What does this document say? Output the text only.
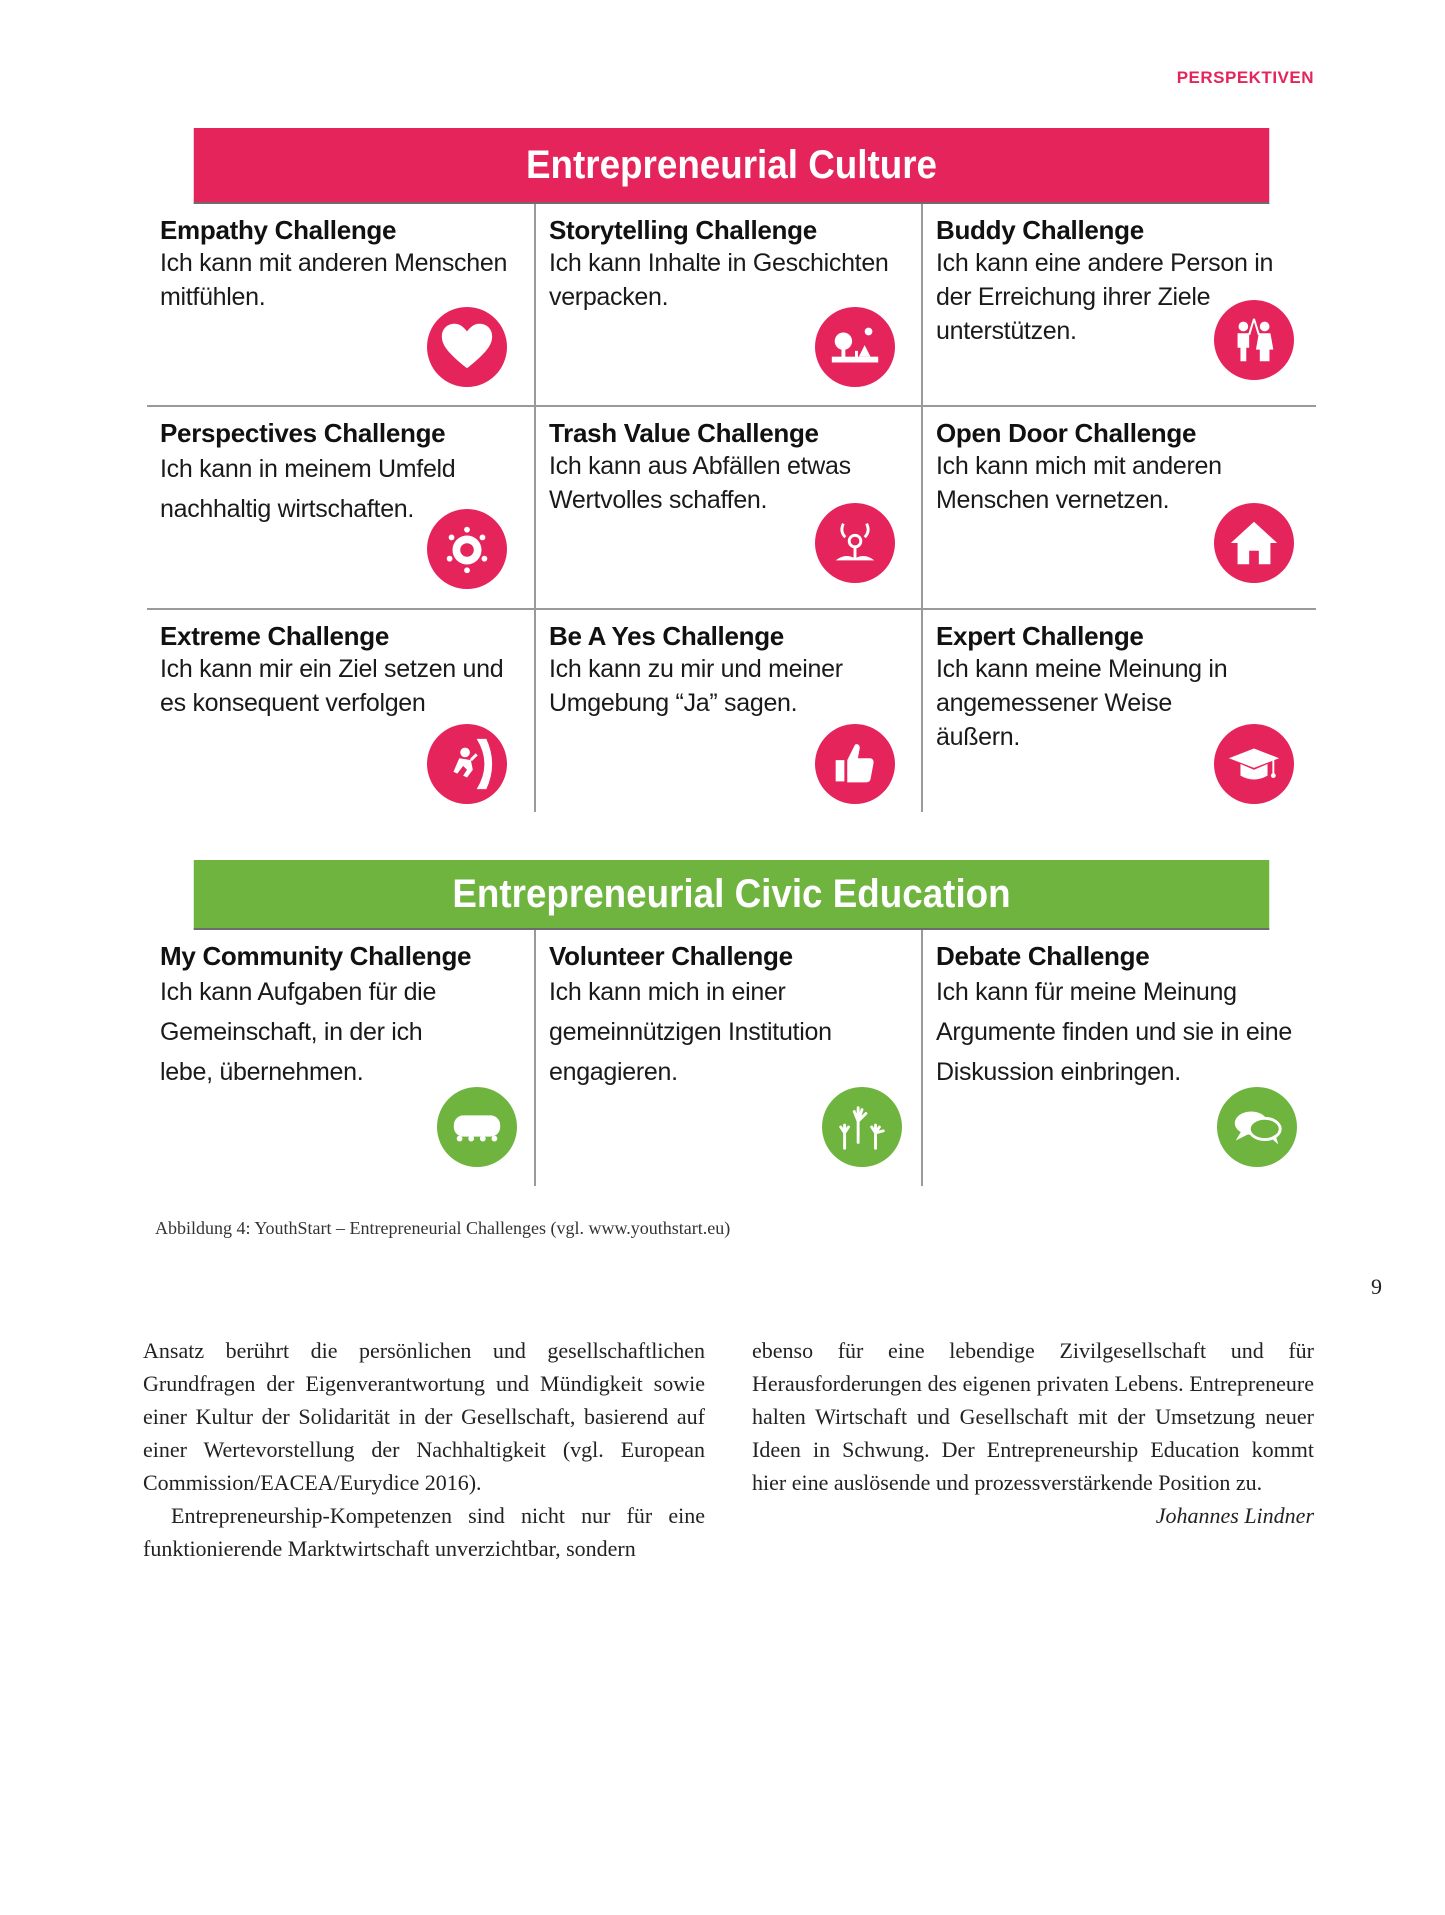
PERSPEKTIVEN
Entrepreneurial Culture
Empathy Challenge
Ich kann mit anderen Menschen
mitfühlen.
Storytelling Challenge
Ich kann Inhalte in Geschichten
verpacken.
Buddy Challenge
Ich kann eine andere Person in
der Erreichung ihrer Ziele
unterstützen.
Perspectives Challenge
Ich kann in meinem Umfeld
nachhaltig wirtschaften.
Trash Value Challenge
Ich kann aus Abfällen etwas
Wertvolles schaffen.
Open Door Challenge
Ich kann mich mit anderen
Menschen vernetzen.
Extreme Challenge
Ich kann mir ein Ziel setzen und
es konsequent verfolgen
Be A Yes Challenge
Ich kann zu mir und meiner
Umgebung “Ja” sagen.
Expert Challenge
Ich kann meine Meinung in
angemessener Weise
äußern.
Entrepreneurial Civic Education
My Community Challenge
Ich kann Aufgaben für die
Gemeinschaft, in der ich
lebe, übernehmen.
Volunteer Challenge
Ich kann mich in einer
gemeinnützigen Institution
engagieren.
Debate Challenge
Ich kann für meine Meinung
Argumente finden und sie in eine
Diskussion einbringen.
Abbildung 4: YouthStart – Entrepreneurial Challenges (vgl. www.youthstart.eu)
9

Ansatz berührt die persönlichen und gesellschaftlichen Grundfragen der Eigenverantwortung und Mündigkeit sowie einer Kultur der Solidarität in der Gesellschaft, basierend auf einer Wertevorstellung der Nachhaltigkeit (vgl. European Commission/EACEA/Eurydice 2016).

Entrepreneurship-Kompetenzen sind nicht nur für eine funktionierende Marktwirtschaft unverzichtbar, sondern

ebenso für eine lebendige Zivilgesellschaft und für Herausforderungen des eigenen privaten Lebens. Entrepreneure halten Wirtschaft und Gesellschaft mit der Umsetzung neuer Ideen in Schwung. Der Entrepreneurship Education kommt hier eine auslösende und prozessverstärkende Position zu.

Johannes Lindner
